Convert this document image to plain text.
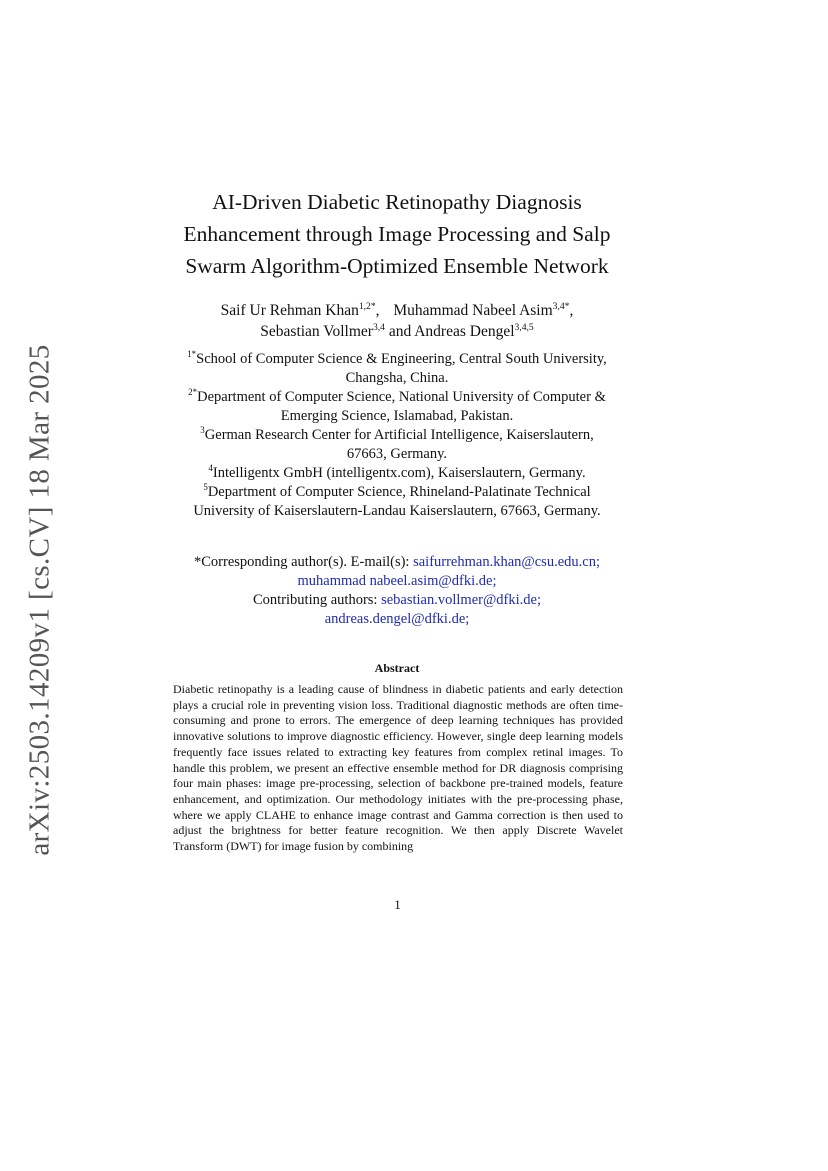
arXiv:2503.14209v1 [cs.CV] 18 Mar 2025
AI-Driven Diabetic Retinopathy Diagnosis
Enhancement through Image Processing and Salp
Swarm Algorithm-Optimized Ensemble Network
Saif Ur Rehman Khan$^{1,2*}$, Muhammad Nabeel Asim$^{3,4*}$,
Sebastian Vollmer$^{3,4}$ and Andreas Dengel$^{3,4,5}$
$^{1*}$School of Computer Science & Engineering, Central South University,
Changsha, China.
$^{2*}$Department of Computer Science, National University of Computer &
Emerging Science, Islamabad, Pakistan.
$^3$German Research Center for Artificial Intelligence, Kaiserslautern,
67663, Germany.
$^4$Intelligentx GmbH (intelligentx.com), Kaiserslautern, Germany.
$^5$Department of Computer Science, Rhineland-Palatinate Technical
University of Kaiserslautern-Landau Kaiserslautern, 67663, Germany.
*Corresponding author(s). E-mail(s): saifurrehman.khan@csu.edu.cn;
muhammad nabeel.asim@dfki.de;
Contributing authors: sebastian.vollmer@dfki.de;
andreas.dengel@dfki.de;
Abstract
Diabetic retinopathy is a leading cause of blindness in diabetic patients and early detection plays a crucial role in preventing vision loss. Traditional diagnostic methods are often time-consuming and prone to errors. The emergence of deep learning techniques has provided innovative solutions to improve diagnostic efficiency. However, single deep learning models frequently face issues related to extracting key features from complex retinal images. To handle this problem, we present an effective ensemble method for DR diagnosis comprising four main phases: image pre-processing, selection of backbone pre-trained models, feature enhancement, and optimization. Our methodology initiates with the pre-processing phase, where we apply CLAHE to enhance image contrast and Gamma correction is then used to adjust the brightness for better feature recognition. We then apply Discrete Wavelet Transform (DWT) for image fusion by combining
1
